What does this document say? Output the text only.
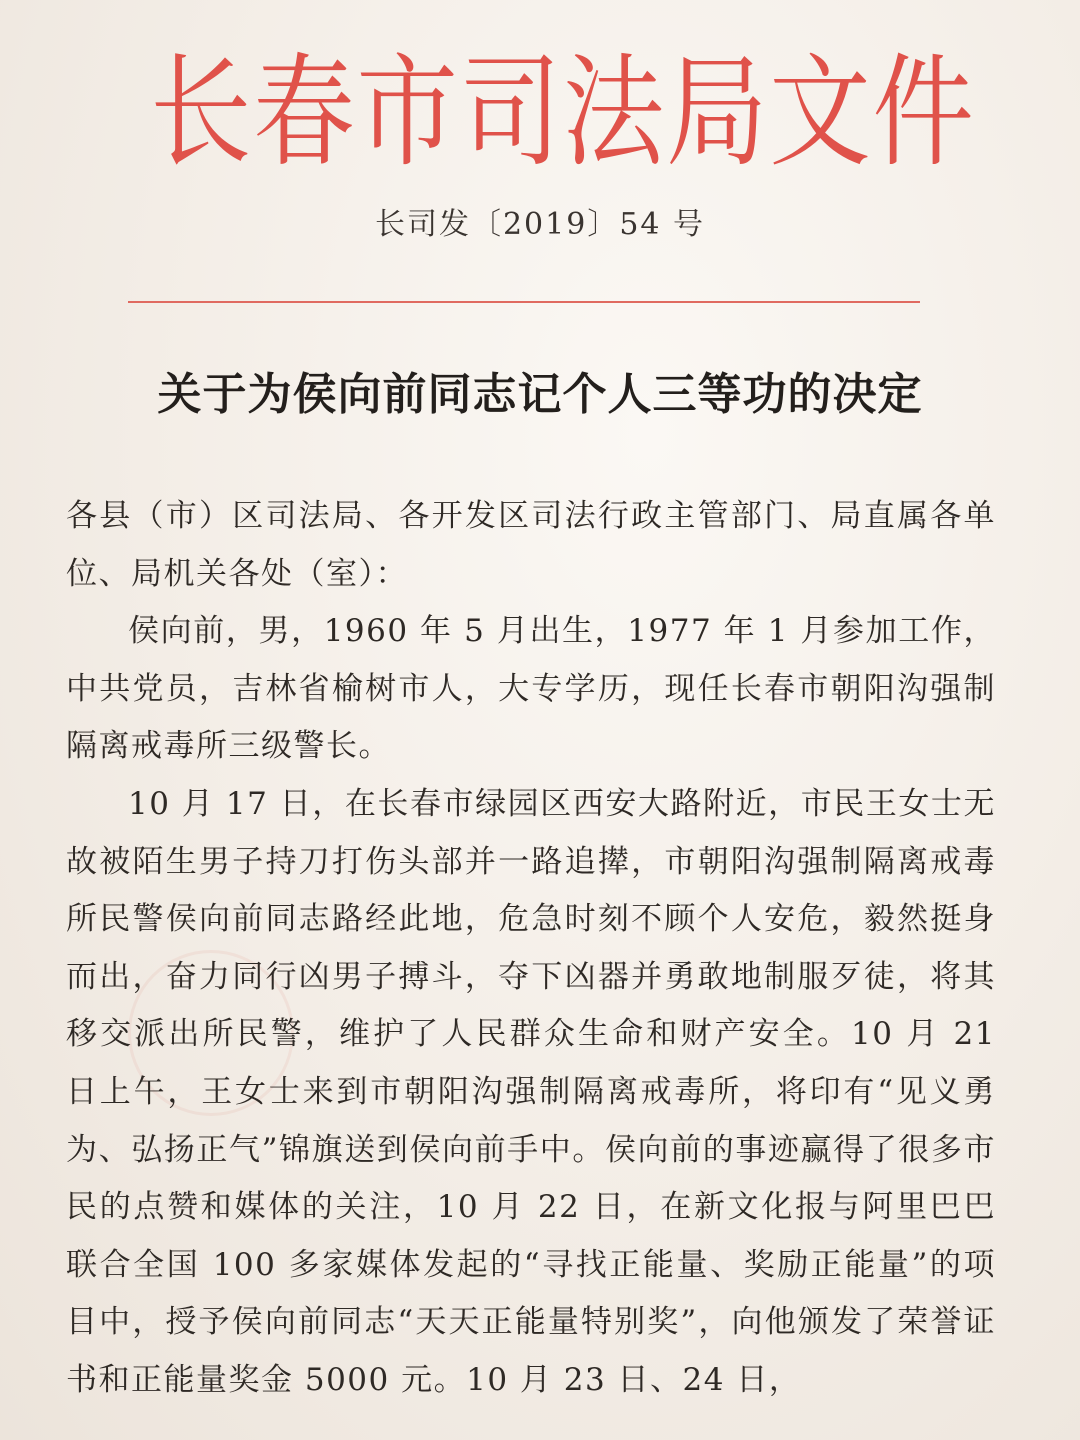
长春市司法局文件
长司发〔2019〕54 号
关于为侯向前同志记个人三等功的决定

各县（市）区司法局、各开发区司法行政主管部门、局直属各单位、局机关各处（室）：

侯向前，男，1960 年 5 月出生，1977 年 1 月参加工作，中共党员，吉林省榆树市人，大专学历，现任长春市朝阳沟强制隔离戒毒所三级警长。

10 月 17 日，在长春市绿园区西安大路附近，市民王女士无故被陌生男子持刀打伤头部并一路追撵，市朝阳沟强制隔离戒毒所民警侯向前同志路经此地，危急时刻不顾个人安危，毅然挺身而出，奋力同行凶男子搏斗，夺下凶器并勇敢地制服歹徒，将其移交派出所民警，维护了人民群众生命和财产安全。10 月 21 日上午，王女士来到市朝阳沟强制隔离戒毒所，将印有“见义勇为、弘扬正气”锦旗送到侯向前手中。侯向前的事迹赢得了很多市民的点赞和媒体的关注，10 月 22 日，在新文化报与阿里巴巴联合全国 100 多家媒体发起的“寻找正能量、奖励正能量”的项目中，授予侯向前同志“天天正能量特别奖”，向他颁发了荣誉证书和正能量奖金 5000 元。10 月 23 日、24 日，
